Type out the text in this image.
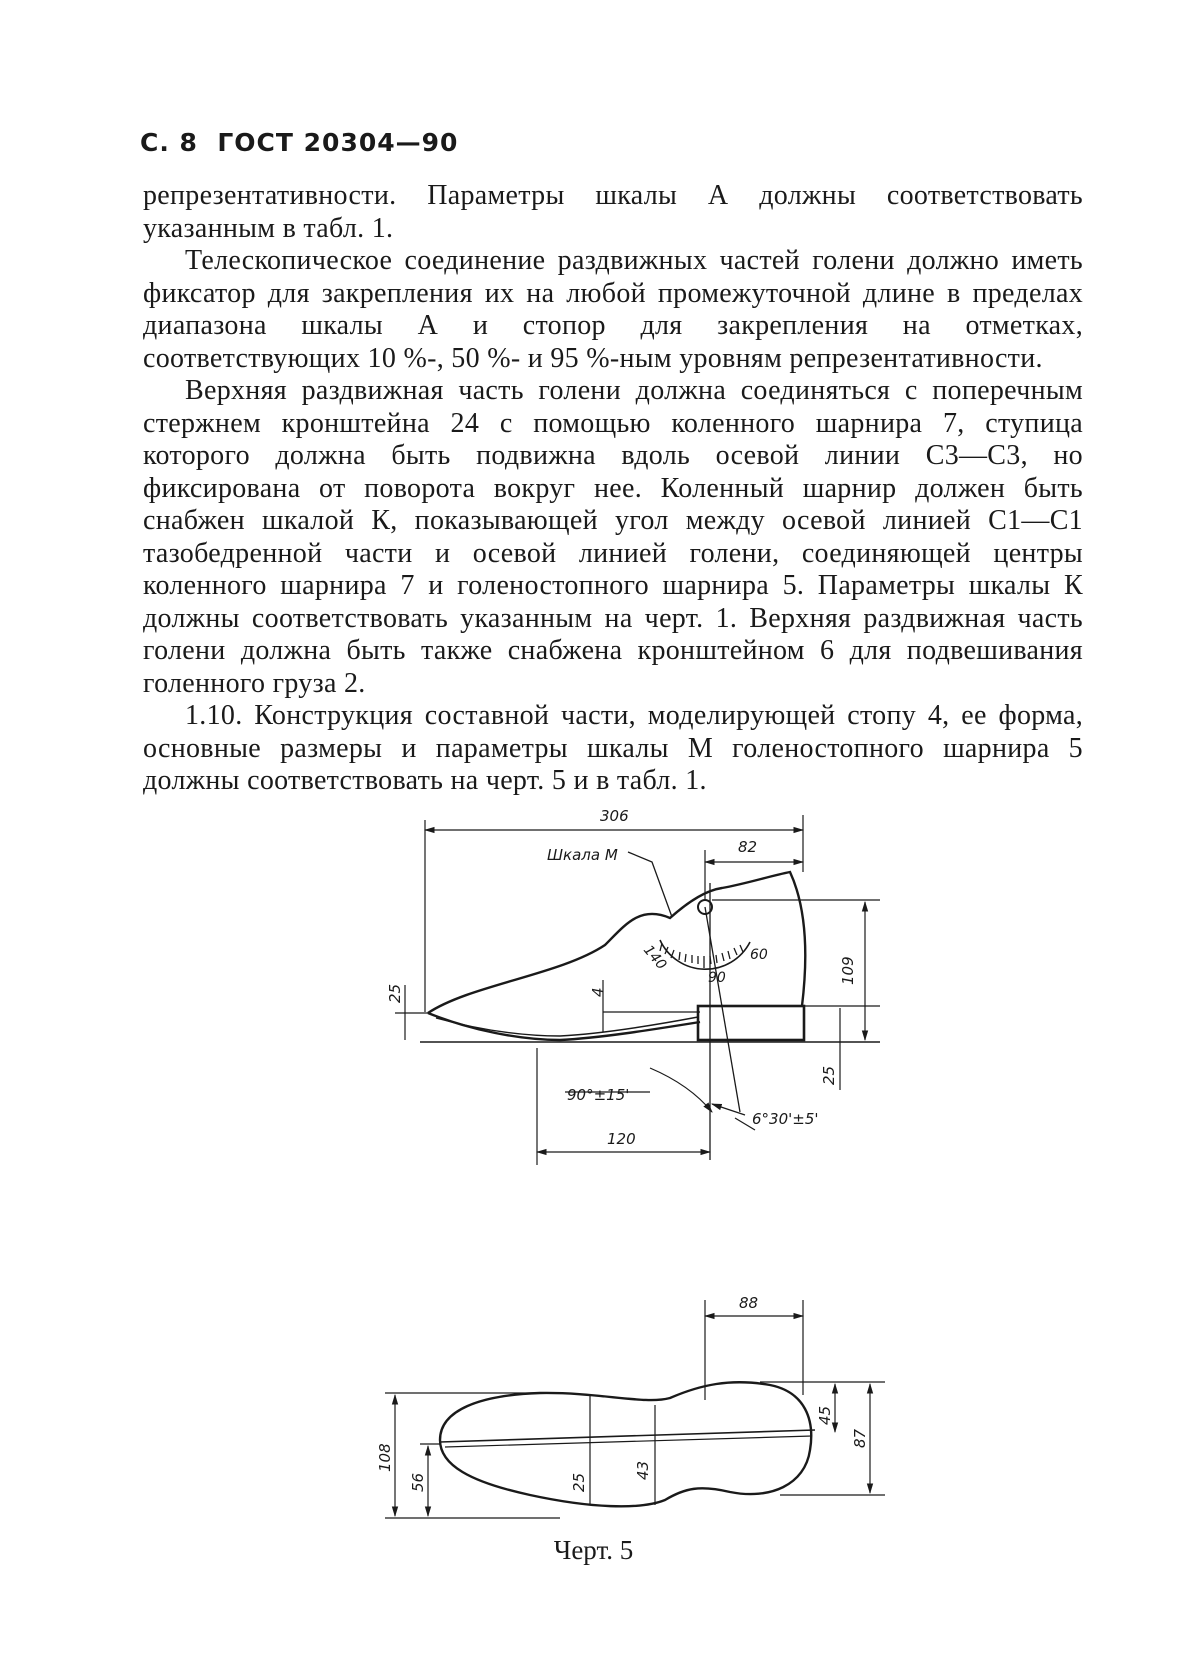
С. 8 ГОСТ 20304—90

репрезентативности. Параметры шкалы А должны соответствовать указанным в табл. 1.

Телескопическое соединение раздвижных частей голени должно иметь фиксатор для закрепления их на любой промежуточной длине в пределах диапазона шкалы А и стопор для закрепления на отметках, соответствующих 10 %-, 50 %- и 95 %-ным уровням репрезентативности.

Верхняя раздвижная часть голени должна соединяться с поперечным стержнем кронштейна 24 с помощью коленного шарнира 7, ступица которого должна быть подвижна вдоль осевой линии С3—С3, но фиксирована от поворота вокруг нее. Коленный шарнир должен быть снабжен шкалой К, показывающей угол между осевой линией С1—С1 тазобедренной части и осевой линией голени, соединяющей центры коленного шарнира 7 и голеностопного шарнира 5. Параметры шкалы К должны соответствовать указанным на черт. 1. Верхняя раздвижная часть голени должна быть также снабжена кронштейном 6 для подвешивания голенного груза 2.

1.10. Конструкция составной части, моделирующей стопу 4, ее форма, основные размеры и параметры шкалы М голеностопного шарнира 5 должны соответствовать на черт. 5 и в табл. 1.

306
82
Шкала М
109
25	4
25
140
90
60
90°±15'
6°30'±5'
120
88
108
56	25
43
45
87
Черт. 5
